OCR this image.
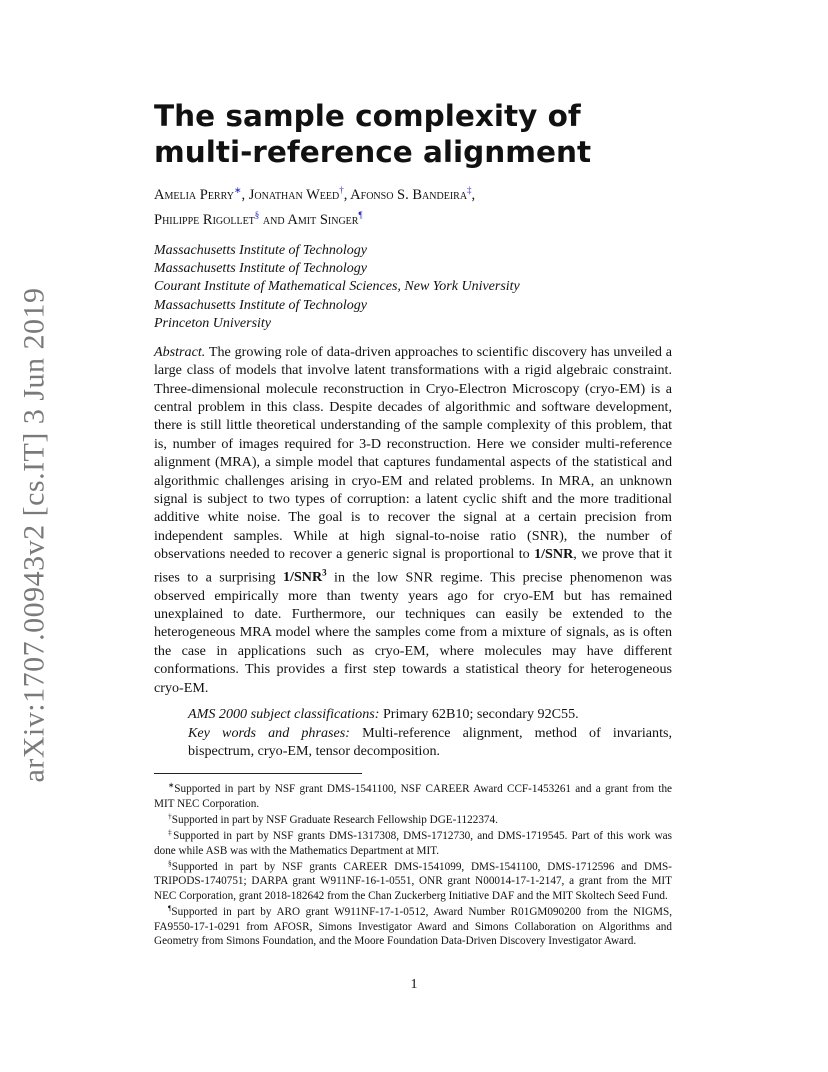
arXiv:1707.00943v2 [cs.IT] 3 Jun 2019
The sample complexity of
multi-reference alignment
Amelia Perry∗, Jonathan Weed†, Afonso S. Bandeira‡,
Philippe Rigollet§ and Amit Singer¶
Massachusetts Institute of Technology
Massachusetts Institute of Technology
Courant Institute of Mathematical Sciences, New York University
Massachusetts Institute of Technology
Princeton University

Abstract. The growing role of data-driven approaches to scientific discovery has unveiled a large class of models that involve latent transformations with a rigid algebraic constraint. Three-dimensional molecule reconstruction in Cryo-Electron Microscopy (cryo-EM) is a central problem in this class. Despite decades of algorithmic and software development, there is still little theoretical understanding of the sample complexity of this problem, that is, number of images required for 3-D reconstruction. Here we consider multi-reference alignment (MRA), a simple model that captures fundamental aspects of the statistical and algorithmic challenges arising in cryo-EM and related problems. In MRA, an unknown signal is subject to two types of corruption: a latent cyclic shift and the more traditional additive white noise. The goal is to recover the signal at a certain precision from independent samples. While at high signal-to-noise ratio (SNR), the number of observations needed to recover a generic signal is proportional to 1/SNR, we prove that it rises to a surprising 1/SNR$^3$ in the low SNR regime. This precise phenomenon was observed empirically more than twenty years ago for cryo-EM but has remained unexplained to date. Furthermore, our techniques can easily be extended to the heterogeneous MRA model where the samples come from a mixture of signals, as is often the case in applications such as cryo-EM, where molecules may have different conformations. This provides a first step towards a statistical theory for heterogeneous cryo-EM.

AMS 2000 subject classifications: Primary 62B10; secondary 92C55.
Key words and phrases: Multi-reference alignment, method of invariants, bispectrum, cryo-EM, tensor decomposition.
∗Supported in part by NSF grant DMS-1541100, NSF CAREER Award CCF-1453261 and a grant from the MIT NEC Corporation.
†Supported in part by NSF Graduate Research Fellowship DGE-1122374.
‡Supported in part by NSF grants DMS-1317308, DMS-1712730, and DMS-1719545. Part of this work was done while ASB was with the Mathematics Department at MIT.
§Supported in part by NSF grants CAREER DMS-1541099, DMS-1541100, DMS-1712596 and DMS-TRIPODS-1740751; DARPA grant W911NF-16-1-0551, ONR grant N00014-17-1-2147, a grant from the MIT NEC Corporation, grant 2018-182642 from the Chan Zuckerberg Initiative DAF and the MIT Skoltech Seed Fund.
¶Supported in part by ARO grant W911NF-17-1-0512, Award Number R01GM090200 from the NIGMS, FA9550-17-1-0291 from AFOSR, Simons Investigator Award and Simons Collaboration on Algorithms and Geometry from Simons Foundation, and the Moore Foundation Data-Driven Discovery Investigator Award.
1
